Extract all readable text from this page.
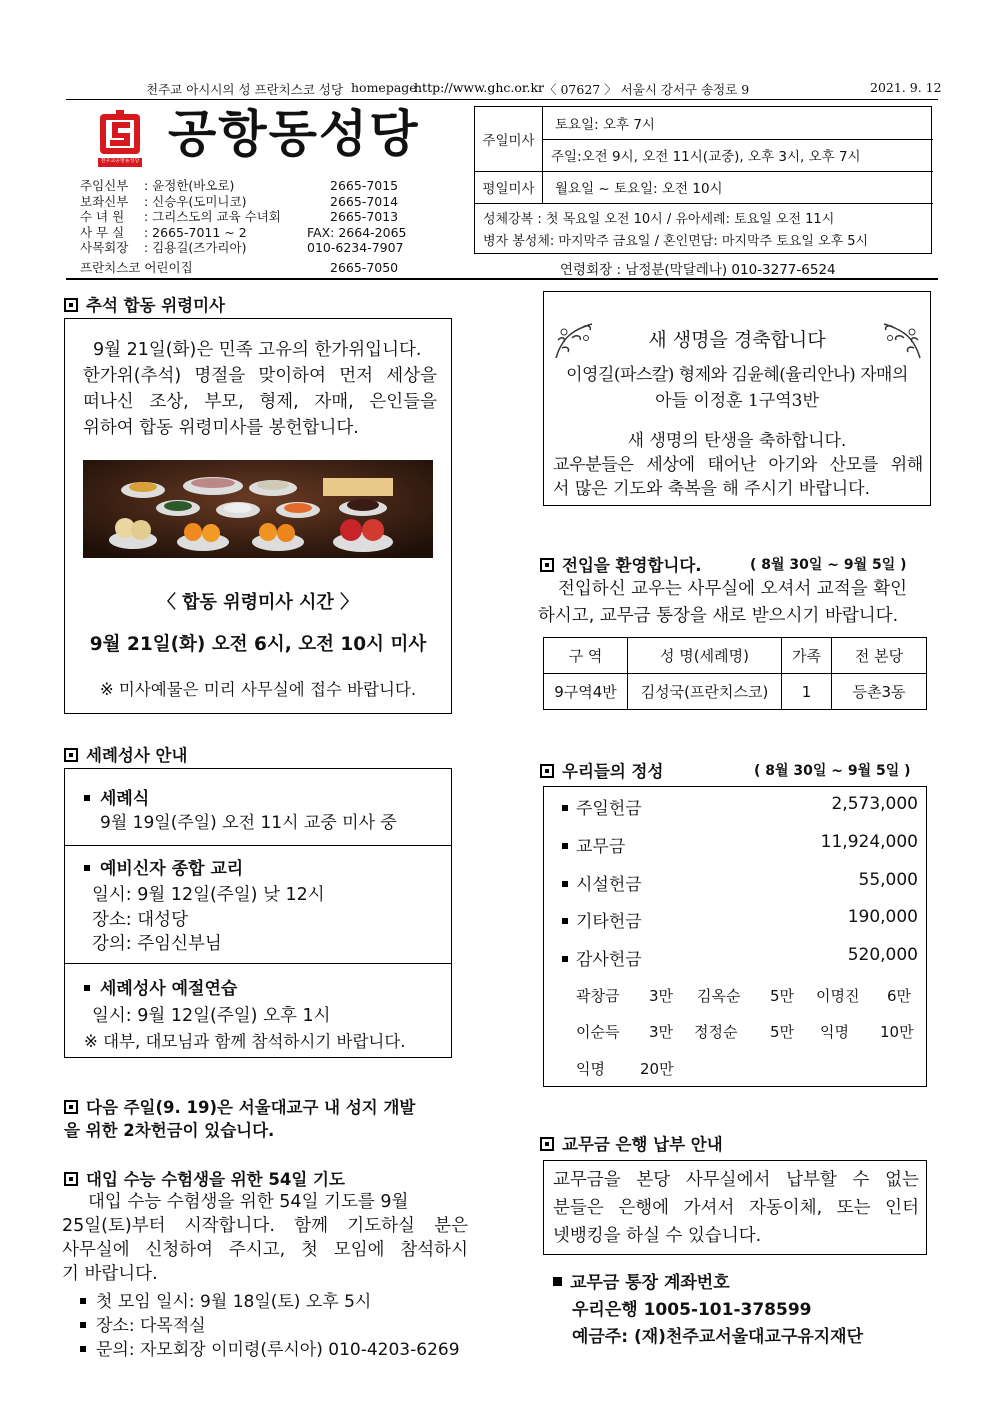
천주교 아시시의 성 프란치스코 성당 homepage
http://www.ghc.or.kr 〈 07627 〉 서울시 강서구 송정로 9	2021. 9. 12
천주교공항동성당 공항동성당
주임신부 : 윤정한(바오로)	2665-7015
보좌신부 : 신승우(도미니코)	2665-7014
수 녀 원 : 그리스도의 교육 수녀회	2665-7013
사 무 실 : 2665-7011 ~ 2	FAX: 2664-2065
사목회장 : 김용길(즈가리아)	010-6234-7907
프란치스코 어린이집	2665-7050
주일미사
토요일: 오후 7시
주일:오전 9시, 오전 11시(교중), 오후 3시, 오후 7시
평일미사	월요일 ~ 토요일: 오전 10시
성체강복 : 첫 목요일 오전 10시 / 유아세례: 토요일 오전 11시
병자 봉성체: 마지막주 금요일 / 혼인면담: 마지막주 토요일 오후 5시
연령회장 : 남정분(막달레나) 010-3277-6524
추석 합동 위령미사
9월 21일(화)은 민족 고유의 한가위입니다.
한가위(추석) 명절을 맞이하여 먼저 세상을
떠나신 조상, 부모, 형제, 자매, 은인들을
위하여 합동 위령미사를 봉헌합니다.
〈 합동 위령미사 시간 〉
9월 21일(화) 오전 6시, 오전 10시 미사
※ 미사예물은 미리 사무실에 접수 바랍니다.
새 생명을 경축합니다
이영길(파스칼) 형제와 김윤혜(율리안나) 자매의
아들 이정훈 1구역3반
새 생명의 탄생을 축하합니다.
교우분들은 세상에 태어난 아기와 산모를 위해
서 많은 기도와 축복을 해 주시기 바랍니다.
전입을 환영합니다.	( 8월 30일 ~ 9월 5일 )
전입하신 교우는 사무실에 오셔서 교적을 확인
하시고, 교무금 통장을 새로 받으시기 바랍니다.
구 역	성 명(세례명)	가족	전 본당
9구역4반	김성국(프란치스코)	1	등촌3동
세례성사 안내
세례식
9월 19일(주일) 오전 11시 교중 미사 중
예비신자 종합 교리
일시: 9월 12일(주일) 낮 12시
장소: 대성당
강의: 주임신부님
세례성사 예절연습
일시: 9월 12일(주일) 오후 1시
※ 대부, 대모님과 함께 참석하시기 바랍니다.
우리들의 정성	( 8월 30일 ~ 9월 5일 )
주일헌금	2,573,000
교무금	11,924,000
시설헌금	55,000
기타헌금	190,000
감사헌금	520,000
곽창금 3만 김옥순 5만 이명진 6만
이순득 3만 정정순 5만 익명 10만
익명 20만
다음 주일(9. 19)은 서울대교구 내 성지 개발
을 위한 2차헌금이 있습니다.
대입 수능 수험생을 위한 54일 기도
대입 수능 수험생을 위한 54일 기도를 9월
25일(토)부터 시작합니다. 함께 기도하실 분은
사무실에 신청하여 주시고, 첫 모임에 참석하시
기 바랍니다.
첫 모임 일시: 9월 18일(토) 오후 5시
장소: 다목적실
문의: 자모회장 이미령(루시아) 010-4203-6269
교무금 은행 납부 안내
교무금을 본당 사무실에서 납부할 수 없는
분들은 은행에 가셔서 자동이체, 또는 인터
넷뱅킹을 하실 수 있습니다.
교무금 통장 계좌번호
우리은행 1005-101-378599
예금주: (재)천주교서울대교구유지재단
